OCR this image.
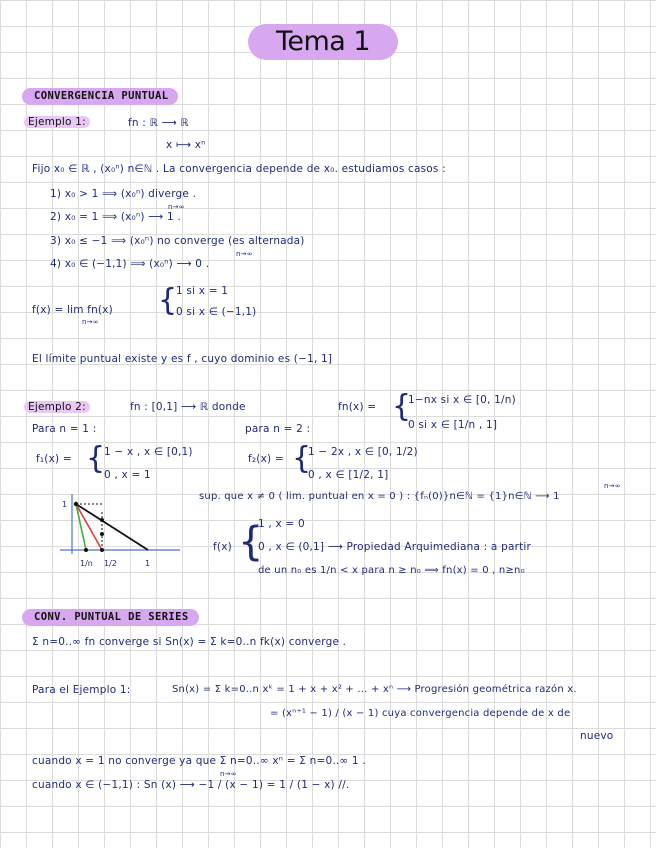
Tema 1
CONVERGENCIA PUNTUAL
Ejemplo 1:	fn : ℝ ⟶ ℝ
x ⟼ xⁿ
Fijo x₀ ∈ ℝ , (x₀ⁿ) n∈ℕ . La convergencia depende de x₀. estudiamos casos :
1) x₀ > 1 ⟹ (x₀ⁿ) diverge .
2) x₀ = 1 ⟹ (x₀ⁿ) ⟶ 1 .
n→∞
3) x₀ ≤ −1 ⟹ (x₀ⁿ) no converge (es alternada)
4) x₀ ∈ (−1,1) ⟹ (x₀ⁿ) ⟶ 0 .
n→∞
f(x) = lim fn(x)
n→∞
{
1 si x = 1
0 si x ∈ (−1,1)
El límite puntual existe y es f , cuyo dominio es (−1, 1]
Ejemplo 2:	fn : [0,1] ⟶ ℝ donde	fn(x) = {
1−nx si x ∈ [0, 1/n)
0 si x ∈ [1/n , 1]
Para n = 1 :	para n = 2 :
f₁(x) = {
1 − x , x ∈ [0,1)
0 , x = 1
f₂(x) = {
1 − 2x , x ∈ [0, 1/2)
0 , x ∈ [1/2, 1]
1
1/n 1/2	1
sup. que x ≠ 0 ( lim. puntual en x = 0 ) : {fₙ(0)}n∈ℕ = {1}n∈ℕ ⟶ 1
n→∞
f(x) {
1 , x = 0
0 , x ∈ (0,1] ⟶ Propiedad Arquimediana : a partir
de un n₀ es 1/n < x para n ≥ n₀ ⟹ fn(x) = 0 , n≥n₀
CONV. PUNTUAL DE SERIES
Σ n=0..∞ fn converge si Sn(x) = Σ k=0..n fk(x) converge .
Para el Ejemplo 1:	Sn(x) = Σ k=0..n xᵏ = 1 + x + x² + … + xⁿ ⟶ Progresión geométrica razón x.
= (xⁿ⁺¹ − 1) / (x − 1) cuya convergencia depende de x de
nuevo
cuando x = 1 no converge ya que Σ n=0..∞ xⁿ = Σ n=0..∞ 1 .
cuando x ∈ (−1,1) : Sn (x) ⟶ −1 / (x − 1) = 1 / (1 − x) //.
n→∞
